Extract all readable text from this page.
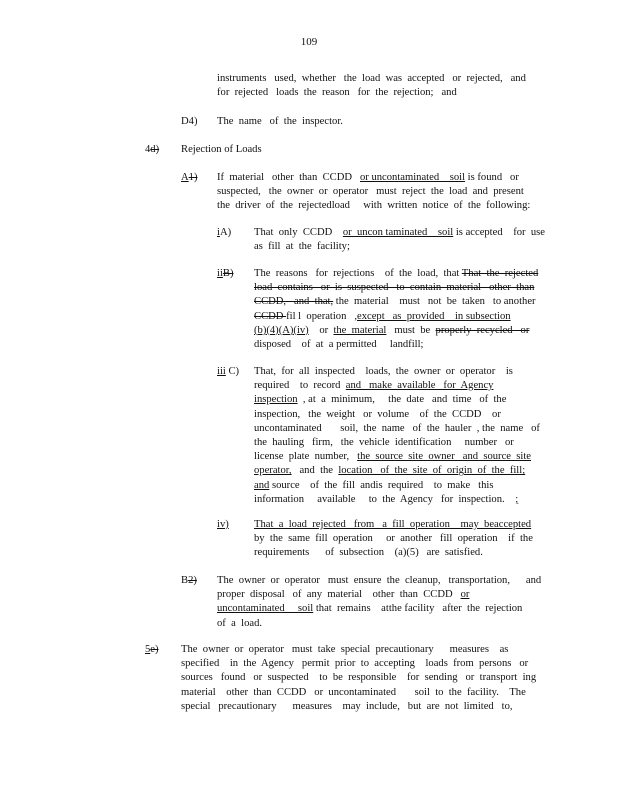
109
instruments   used,  whether   the  load  was  accepted   or  rejected,   and
for  rejected   loads  the  reason   for  the  rejection;   and
D4) The  name   of  the  inspector.
4d) Rejection of Loads
A1) If  material   other  than  CCDD   or uncontaminated    soil is found   or
suspected,   the  owner  or  operator   must  reject  the  load  and  present
the  driver  of  the  rejectedload     with  written  notice  of  the  following:
iA) That  only  CCDD    or  uncon taminated    soil is accepted    for  use
as  fill  at  the  facility;
iiB) The  reasons   for  rejections    of  the  load,  that That  the  rejected
load  contains   or  is  suspected   to  contain  material   other  than
CCDD,   and  that, the  material    must   not  be  taken   to another
CCDD fil l  operation   ,except   as  provided    in subsection
(b)(4)(A)(iv)    or  the  material   must  be  properly  recycled   or
disposed    of  at  a permitted     landfill;
iii C) That,  for  all  inspected    loads,  the  owner  or  operator    is
required    to  record  and   make  available   for  Agency
inspection  , at  a  minimum,     the  date   and  time   of  the
inspection,   the  weight   or  volume    of  the  CCDD    or
uncontaminated       soil,  the  name   of  the  hauler  , the  name   of
the  hauling   firm,   the  vehicle  identification     number   or
license  plate  number,   the  source  site  owner   and  source  site
operator,   and  the  location   of  the  site  of  origin  of  the  fill;
and source    of  the  fill  andis  required    to  make   this
information     available     to  the  Agency   for  inspection.    ;
iv) That  a  load  rejected   from   a  fill  operation    may  beaccepted
by  the  same  fill  operation     or  another   fill  operation    if  the
requirements      of  subsection    (a)(5)   are  satisfied.
B2) The  owner  or  operator   must  ensure  the  cleanup,   transportation,      and
proper  disposal   of  any  material    other  than  CCDD   or
uncontaminated     soil that  remains    atthe facility   after  the  rejection
of  a  load.
5e) The  owner  or  operator   must  take  special  precautionary      measures    as
specified    in  the  Agency   permit  prior  to  accepting    loads  from  persons   or
sources   found   or  suspected    to  be  responsible    for  sending   or  transport  ing
material    other  than  CCDD   or  uncontaminated       soil  to  the  facility.    The
special   precautionary      measures    may  include,   but  are  not  limited   to,
